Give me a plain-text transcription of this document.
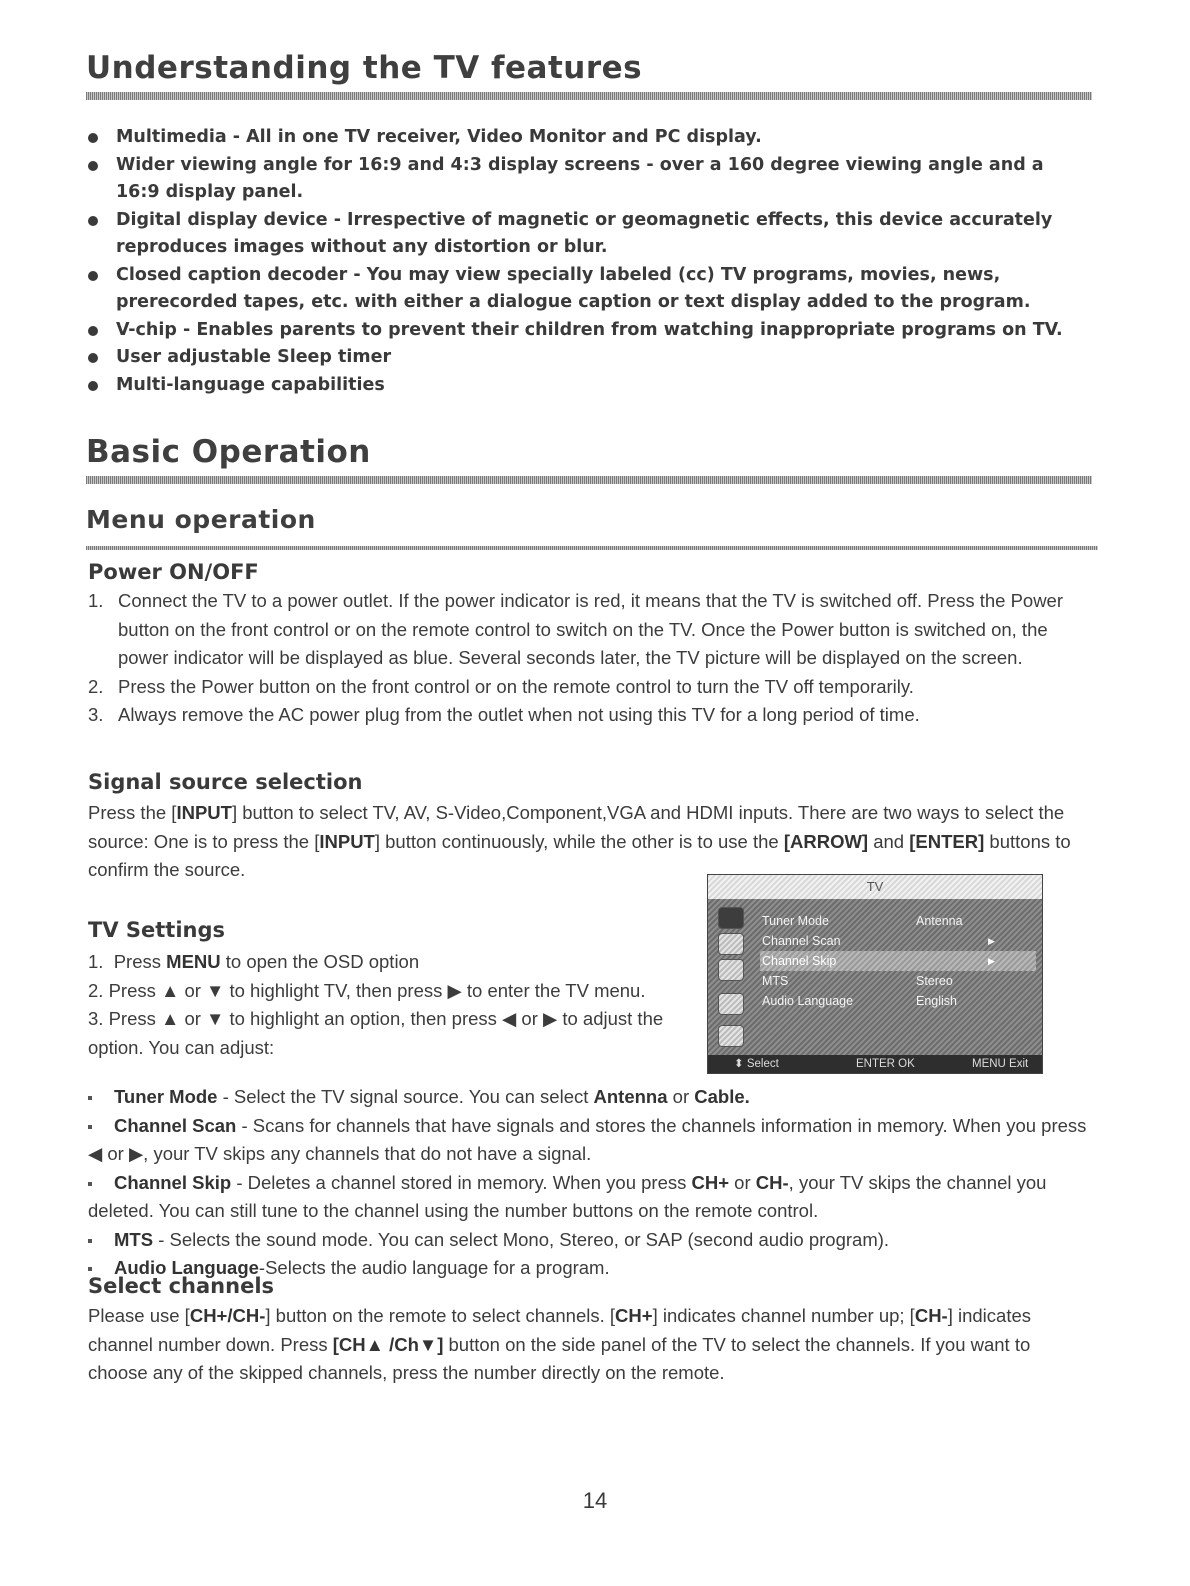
Understanding the TV features
Multimedia - All in one TV receiver, Video Monitor and PC display.
Wider viewing angle for 16:9 and 4:3 display screens - over a 160 degree viewing angle and a 16:9 display panel.
Digital display device - Irrespective of magnetic or geomagnetic effects, this device accurately reproduces images without any distortion or blur.
Closed caption decoder - You may view specially labeled (cc) TV programs, movies, news, prerecorded tapes, etc. with either a dialogue caption or text display added to the program.
V-chip - Enables parents to prevent their children from watching inappropriate programs on TV.
User adjustable Sleep timer
Multi-language capabilities
Basic Operation
Menu operation
Power ON/OFF
1. Connect the TV to a power outlet. If the power indicator is red, it means that the TV is switched off. Press the Power button on the front control or on the remote control to switch on the TV. Once the Power button is switched on, the power indicator will be displayed as blue. Several seconds later, the TV picture will be displayed on the screen.
2. Press the Power button on the front control or on the remote control to turn the TV off temporarily.
3. Always remove the AC power plug from the outlet when not using this TV for a long period of time.
Signal source selection
Press the [INPUT] button to select TV, AV, S-Video,Component,VGA and HDMI inputs. There are two ways to select the source: One is to press the [INPUT] button continuously, while the other is to use the [ARROW] and [ENTER] buttons to confirm the source.
TV Settings
1. Press MENU to open the OSD option
2. Press ▲ or ▼ to highlight TV, then press ▶ to enter the TV menu.
3. Press ▲ or ▼ to highlight an option, then press ◀ or ▶ to adjust the option. You can adjust:
TV
Tuner Mode	Antenna
Channel Scan	▶
Channel Skip	▶
MTS	Stereo
Audio Language	English
⬍ Select	ENTER OK	MENU Exit
Tuner Mode - Select the TV signal source. You can select Antenna or Cable.
Channel Scan - Scans for channels that have signals and stores the channels information in memory. When you press ◀ or ▶, your TV skips any channels that do not have a signal.
Channel Skip - Deletes a channel stored in memory. When you press CH+ or CH-, your TV skips the channel you deleted. You can still tune to the channel using the number buttons on the remote control.
MTS - Selects the sound mode. You can select Mono, Stereo, or SAP (second audio program).
Audio Language-Selects the audio language for a program.
Select channels
Please use [CH+/CH-] button on the remote to select channels. [CH+] indicates channel number up; [CH-] indicates channel number down. Press [CH▲ /Ch▼] button on the side panel of the TV to select the channels. If you want to choose any of the skipped channels, press the number directly on the remote.
14
